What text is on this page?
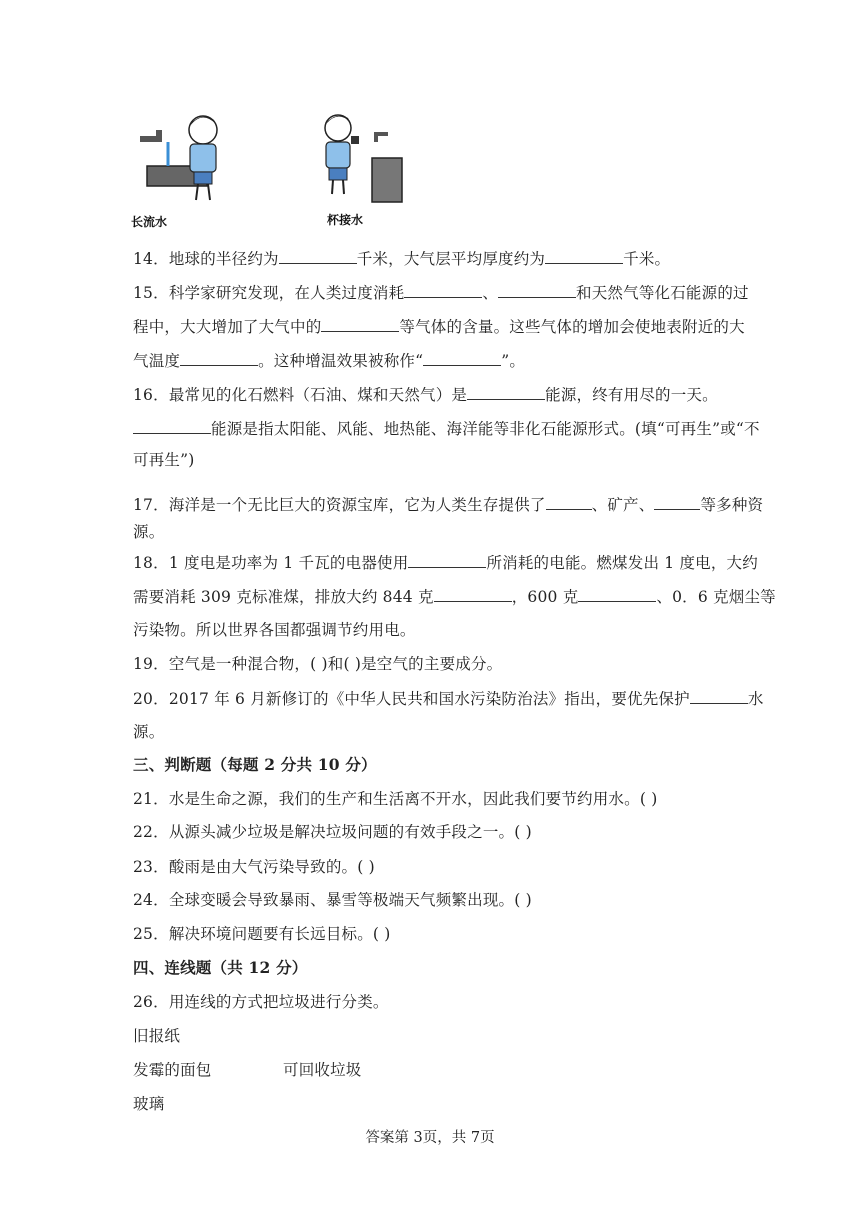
长流水	杯接水
14．地球的半径约为	千米，大气层平均厚度约为	千米。
15．科学家研究发现，在人类过度消耗	、	和天然气等化石能源的过
程中，大大增加了大气中的	等气体的含量。这些气体的增加会使地表附近的大
气温度	。这种增温效果被称作“	”。
16．最常见的化石燃料（石油、煤和天然气）是	能源，终有用尽的一天。
能源是指太阳能、风能、地热能、海洋能等非化石能源形式。(填“可再生”或“不
可再生”)
17．海洋是一个无比巨大的资源宝库，它为人类生存提供了	、矿产、	等多种资
源。
18．1 度电是功率为 1 千瓦的电器使用	所消耗的电能。燃煤发出 1 度电，大约
需要消耗 309 克标准煤，排放大约 844 克	，600 克	、0．6 克烟尘等
污染物。所以世界各国都强调节约用电。
19．空气是一种混合物，( )和( )是空气的主要成分。
20．2017 年 6 月新修订的《中华人民共和国水污染防治法》指出，要优先保护	水
源。
三、判断题（每题 2 分共 10 分）
21．水是生命之源，我们的生产和生活离不开水，因此我们要节约用水。( )
22．从源头减少垃圾是解决垃圾问题的有效手段之一。( )
23．酸雨是由大气污染导致的。( )
24．全球变暖会导致暴雨、暴雪等极端天气频繁出现。( )
25．解决环境问题要有长远目标。( )
四、连线题（共 12 分）
26．用连线的方式把垃圾进行分类。
旧报纸
发霉的面包	可回收垃圾
玻璃
答案第 3页，共 7页
